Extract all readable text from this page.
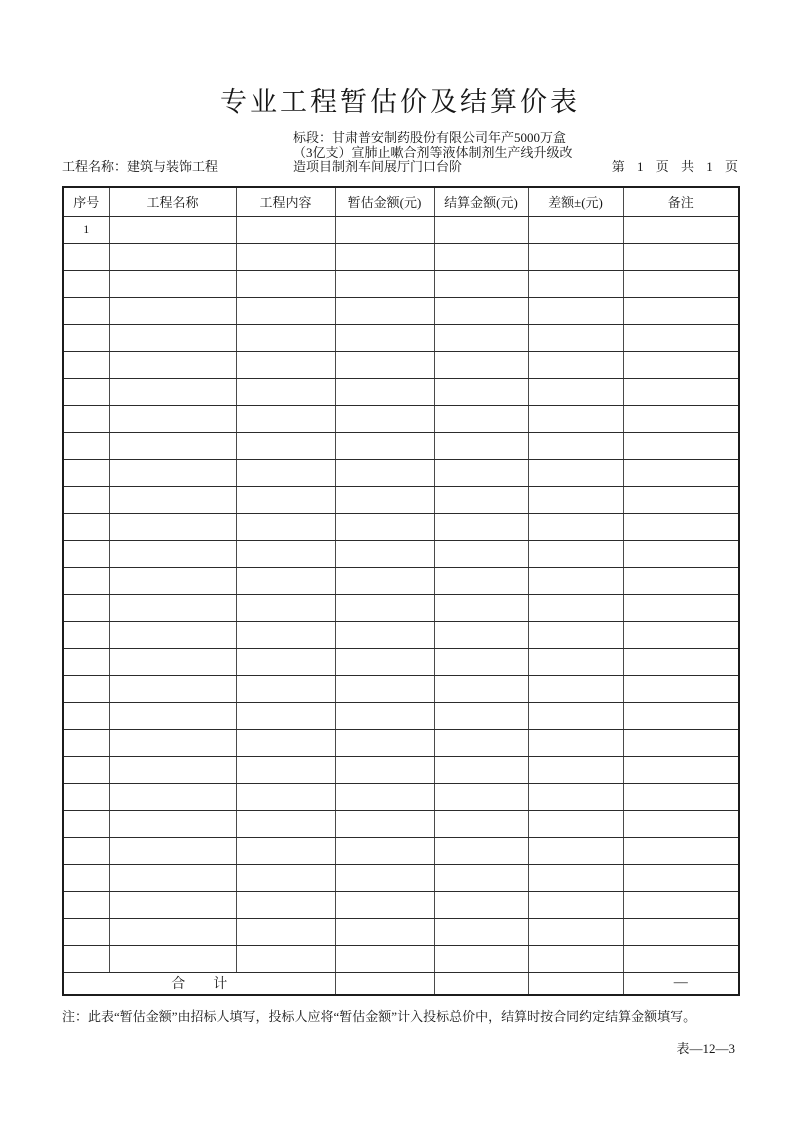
专业工程暂估价及结算价表
工程名称：建筑与装饰工程
标段：甘肃普安制药股份有限公司年产5000万盒
（3亿支）宣肺止嗽合剂等液体制剂生产线升级改
造项目制剂车间展厅门口台阶	第 1 页 共 1 页
序号	工程名称	工程内容	暂估金额(元)	结算金额(元)	差额±(元)	备注
1						

合　　计						—
注：此表“暂估金额”由招标人填写，投标人应将“暂估金额”计入投标总价中，结算时按合同约定结算金额填写。
表—12—3
